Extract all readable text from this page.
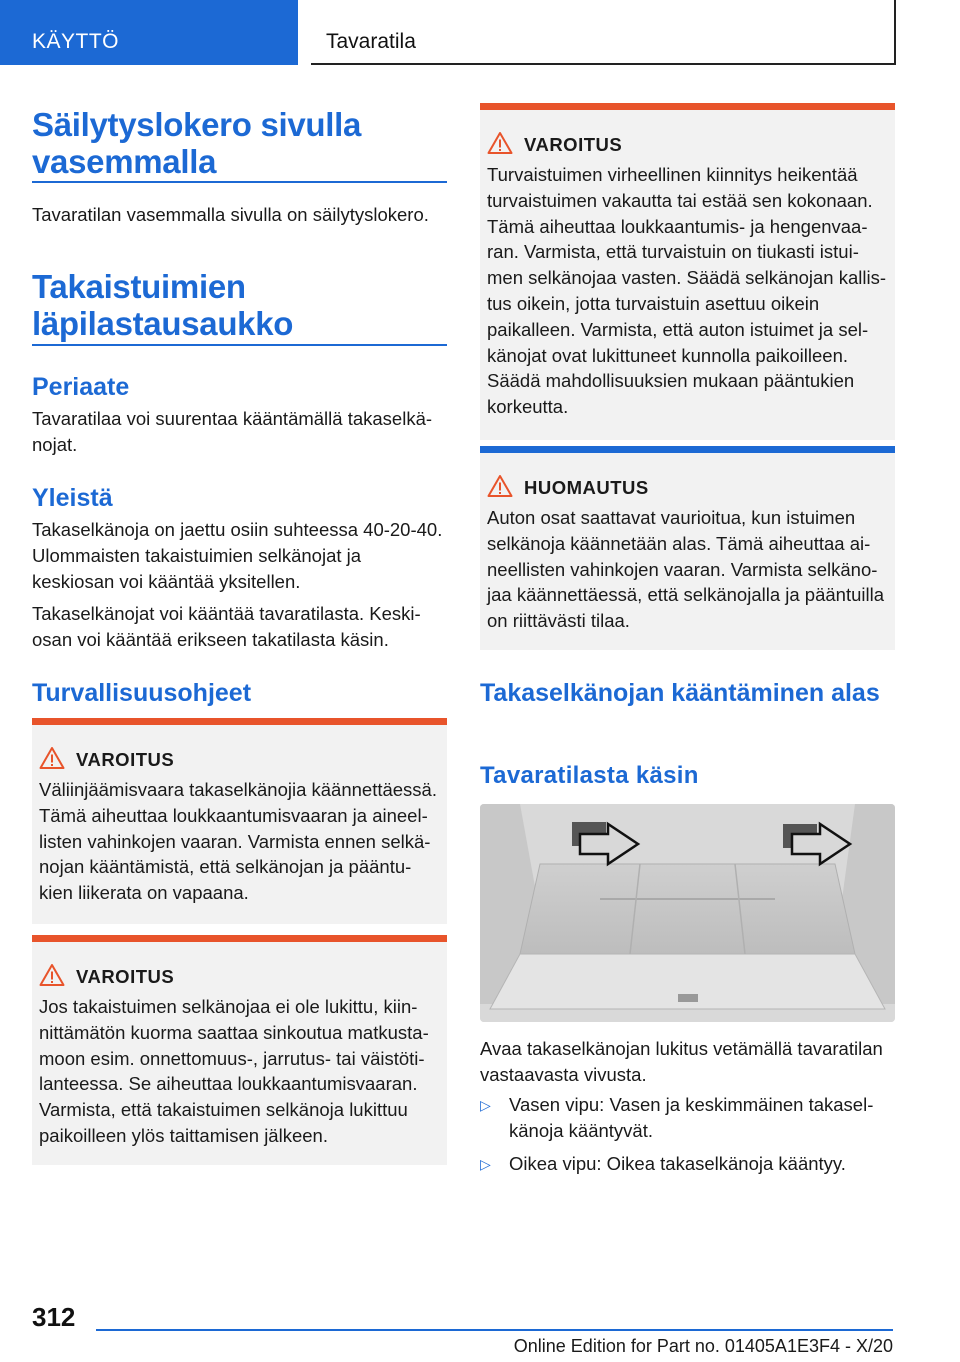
KÄYTTÖ	Tavaratila
Säilytyslokero sivulla vasemmalla

Tavaratilan vasemmalla sivulla on säilytyslokero.

Takaistuimien läpilastausaukko
Periaate

Tavaratilaa voi suurentaa kääntämällä takaselkä-nojat.

Yleistä

Takaselkänoja on jaettu osiin suhteessa 40-20-40. Ulommaisten takaistuimien selkänojat ja keskiosan voi kääntää yksitellen.

Takaselkänojat voi kääntää tavaratilasta. Keski-osan voi kääntää erikseen takatilasta käsin.

Turvallisuusohjeet
VAROITUS

Väliinjäämisvaara takaselkänojia käännettäessä. Tämä aiheuttaa loukkaantumisvaaran ja aineel-listen vahinkojen vaaran. Varmista ennen selkä-nojan kääntämistä, että selkänojan ja pääntu-kien liikerata on vapaana.

VAROITUS

Jos takaistuimen selkänojaa ei ole lukittu, kiin-nittämätön kuorma saattaa sinkoutua matkusta-moon esim. onnettomuus-, jarrutus- tai väistöti-lanteessa. Se aiheuttaa loukkaantumisvaaran. Varmista, että takaistuimen selkänoja lukittuu paikoilleen ylös taittamisen jälkeen.

VAROITUS

Turvaistuimen virheellinen kiinnitys heikentää turvaistuimen vakautta tai estää sen kokonaan. Tämä aiheuttaa loukkaantumis- ja hengenvaa-ran. Varmista, että turvaistuin on tiukasti istui-men selkänojaa vasten. Säädä selkänojan kallis-tus oikein, jotta turvaistuin asettuu oikein paikalleen. Varmista, että auton istuimet ja sel-känojat ovat lukittuneet kunnolla paikoilleen. Säädä mahdollisuuksien mukaan pääntukien korkeutta.

HUOMAUTUS

Auton osat saattavat vaurioitua, kun istuimen selkänoja käännetään alas. Tämä aiheuttaa ai-neellisten vahinkojen vaaran. Varmista selkäno-jaa käännettäessä, että selkänojalla ja pääntuilla on riittävästi tilaa.

Takaselkänojan kääntäminen alas
Tavaratilasta käsin

Avaa takaselkänojan lukitus vetämällä tavaratilan vastaavasta vivusta.

▷ Vasen vipu: Vasen ja keskimmäinen takasel-känoja kääntyvät.
▷ Oikea vipu: Oikea takaselkänoja kääntyy.
312
Online Edition for Part no. 01405A1E3F4 - X/20
